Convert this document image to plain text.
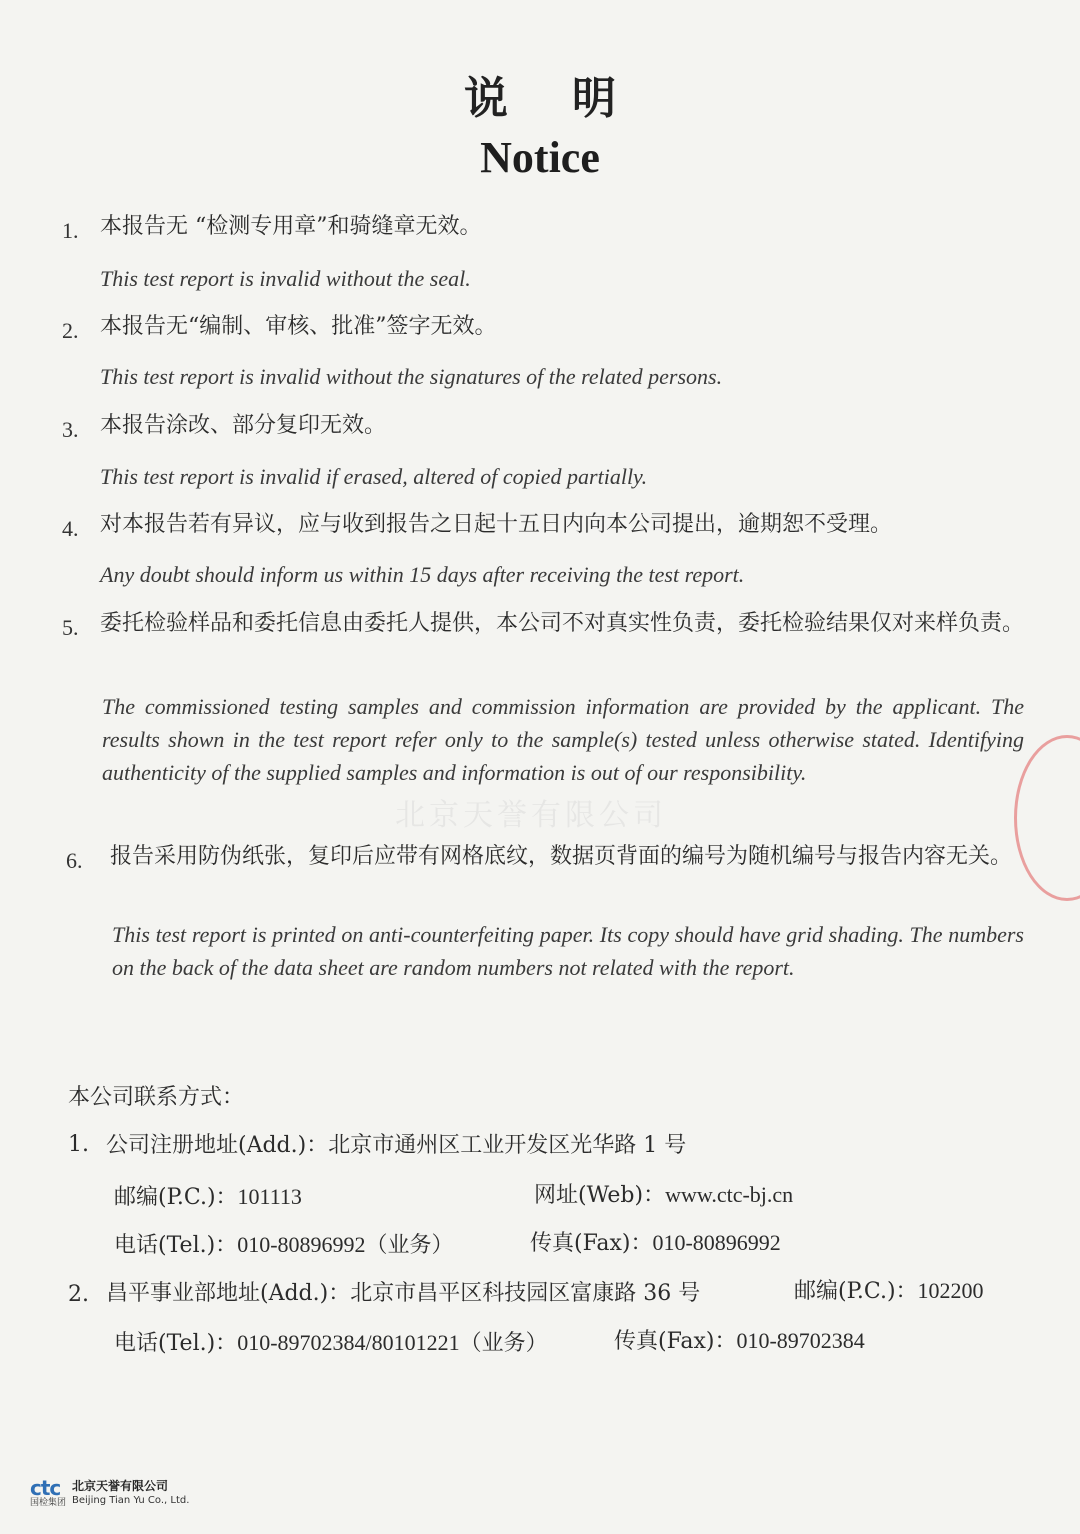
说明
Notice
1. 本报告无 “检测专用章”和骑缝章无效。
This test report is invalid without the seal.
2. 本报告无“编制、审核、批准”签字无效。
This test report is invalid without the signatures of the related persons.
3. 本报告涂改、部分复印无效。
This test report is invalid if erased, altered of copied partially.
4. 对本报告若有异议，应与收到报告之日起十五日内向本公司提出，逾期恕不受理。
Any doubt should inform us within 15 days after receiving the test report.
5. 委托检验样品和委托信息由委托人提供，本公司不对真实性负责，委托检验结果仅对来样负责。
The commissioned testing samples and commission information are provided by the applicant. The results shown in the test report refer only to the sample(s) tested unless otherwise stated. Identifying authenticity of the supplied samples and information is out of our responsibility.
6. 报告采用防伪纸张，复印后应带有网格底纹，数据页背面的编号为随机编号与报告内容无关。
This test report is printed on anti-counterfeiting paper. Its copy should have grid shading. The numbers on the back of the data sheet are random numbers not related with the report.
本公司联系方式：
1. 公司注册地址(Add.)：北京市通州区工业开发区光华路 1 号
邮编(P.C.)：101113	网址(Web)：www.ctc-bj.cn
电话(Tel.)：010-80896992（业务）	传真(Fax)：010-80896992
2. 昌平事业部地址(Add.)：北京市昌平区科技园区富康路 36 号	邮编(P.C.)：102200
电话(Tel.)：010-89702384/80101221（业务）	传真(Fax)：010-89702384
北京天誉有限公司
ctc
国检集团
北京天誉有限公司
Beijing Tian Yu Co., Ltd.
